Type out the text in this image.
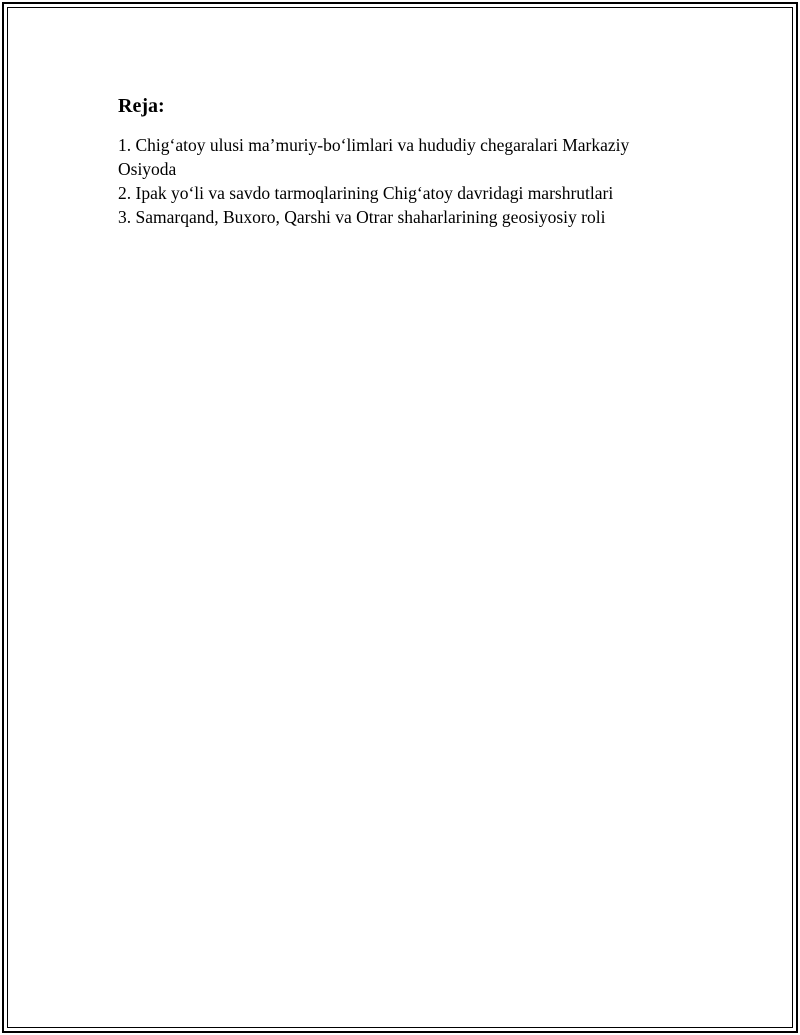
Reja:
1. Chig‘atoy ulusi ma’muriy-bo‘limlari va hududiy chegaralari Markaziy Osiyoda
2. Ipak yo‘li va savdo tarmoqlarining Chig‘atoy davridagi marshrutlari
3. Samarqand, Buxoro, Qarshi va Otrar shaharlarining geosiyosiy roli
